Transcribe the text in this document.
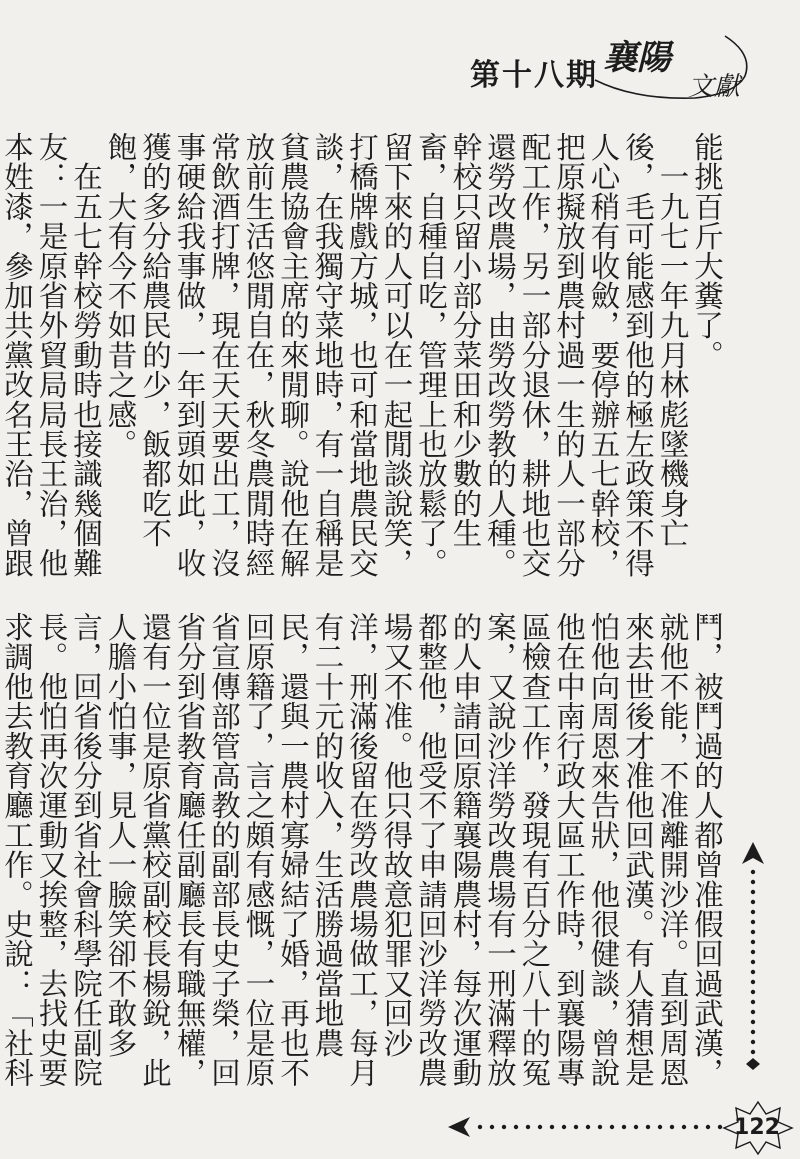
第十八期 襄陽
文獻
能挑百斤大糞了。
　一九七一年九月林彪墜機身亡後，毛可能感到他的極左政策不得人心稍有收斂，要停辦五七幹校，把原擬放到農村過一生的人一部分配工作，另一部分退休，耕地也交還勞改農場，由勞改勞教的人種。幹校只留小部分菜田和少數的生畜，自種自吃，管理上也放鬆了。留下來的人可以在一起閒談說笑，打橋牌戲方城，也可和當地農民交談，在我獨守菜地時，有一自稱是貧農協會主席的來閒聊。說他在解放前生活悠閒自在，秋冬農閒時經常飲酒打牌，現在天天要出工，沒事硬給我事做，一年到頭如此，收獲的多分給農民的少，飯都吃不飽，大有今不如昔之感。
　在五七幹校勞動時也接識幾個難友：一是原省外貿局局長王治，他本姓漆，參加共黨改名王治，曾跟
鬥，被鬥過的人都曾准假回過武漢，就他不能，不准離開沙洋。直到周恩來去世後才准他回武漢。有人猜想是怕他向周恩來告狀，他很健談，曾說他在中南行政大區工作時，到襄陽專區檢查工作，發現有百分之八十的冤案，又說沙洋勞改農場有一刑滿釋放的人申請回原籍襄陽農村，每次運動都整他，他受不了申請回沙洋勞改農場又不准。他只得故意犯罪又回沙洋，刑滿後留在勞改農場做工，每月有二十元的收入，生活勝過當地農民，還與一農村寡婦結了婚，再也不回原籍了，言之頗有感慨，一位是原省宣傳部管高教的副部長史子榮，回省分到省教育廳任副廳長有職無權，還有一位是原省黨校副校長楊銳，此人膽小怕事，見人一臉笑卻不敢多言，回省後分到省社會科學院任副院長。他怕再次運動又挨整，去找史要求調他去教育廳工作。史說：「社科

122
